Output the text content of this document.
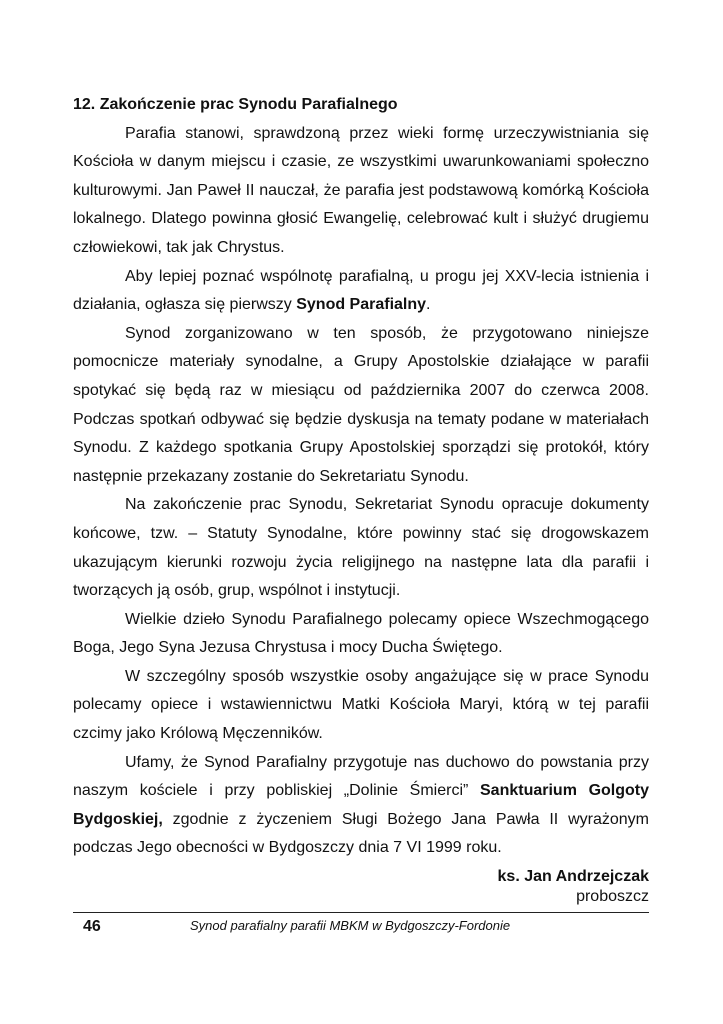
12. Zakończenie prac Synodu Parafialnego

Parafia stanowi, sprawdzoną przez wieki formę urzeczywistniania się Kościoła w danym miejscu i czasie, ze wszystkimi uwarunkowaniami społeczno kulturowymi. Jan Paweł II nauczał, że parafia jest podstawową komórką Kościoła lokalnego. Dlatego powinna głosić Ewangelię, celebrować kult i służyć drugiemu człowiekowi, tak jak Chrystus.

Aby lepiej poznać wspólnotę parafialną, u progu jej XXV-lecia istnienia i działania, ogłasza się pierwszy Synod Parafialny.

Synod zorganizowano w ten sposób, że przygotowano niniejsze pomocnicze materiały synodalne, a Grupy Apostolskie działające w parafii spotykać się będą raz w miesiącu od października 2007 do czerwca 2008. Podczas spotkań odbywać się będzie dyskusja na tematy podane w materiałach Synodu. Z każdego spotkania Grupy Apostolskiej sporządzi się protokół, który następnie przekazany zostanie do Sekretariatu Synodu.

Na zakończenie prac Synodu, Sekretariat Synodu opracuje dokumenty końcowe, tzw. – Statuty Synodalne, które powinny stać się drogowskazem ukazującym kierunki rozwoju życia religijnego na następne lata dla parafii i tworzących ją osób, grup, wspólnot i instytucji.

Wielkie dzieło Synodu Parafialnego polecamy opiece Wszechmogącego Boga, Jego Syna Jezusa Chrystusa i mocy Ducha Świętego.

W szczególny sposób wszystkie osoby angażujące się w prace Synodu polecamy opiece i wstawiennictwu Matki Kościoła Maryi, którą w tej parafii czcimy jako Królową Męczenników.

Ufamy, że Synod Parafialny przygotuje nas duchowo do powstania przy naszym kościele i przy pobliskiej „Dolinie Śmierci” Sanktuarium Golgoty Bydgoskiej, zgodnie z życzeniem Sługi Bożego Jana Pawła II wyrażonym podczas Jego obecności w Bydgoszczy dnia 7 VI 1999 roku.

ks. Jan Andrzejczak
proboszcz
46	Synod parafialny parafii MBKM w Bydgoszczy-Fordonie
